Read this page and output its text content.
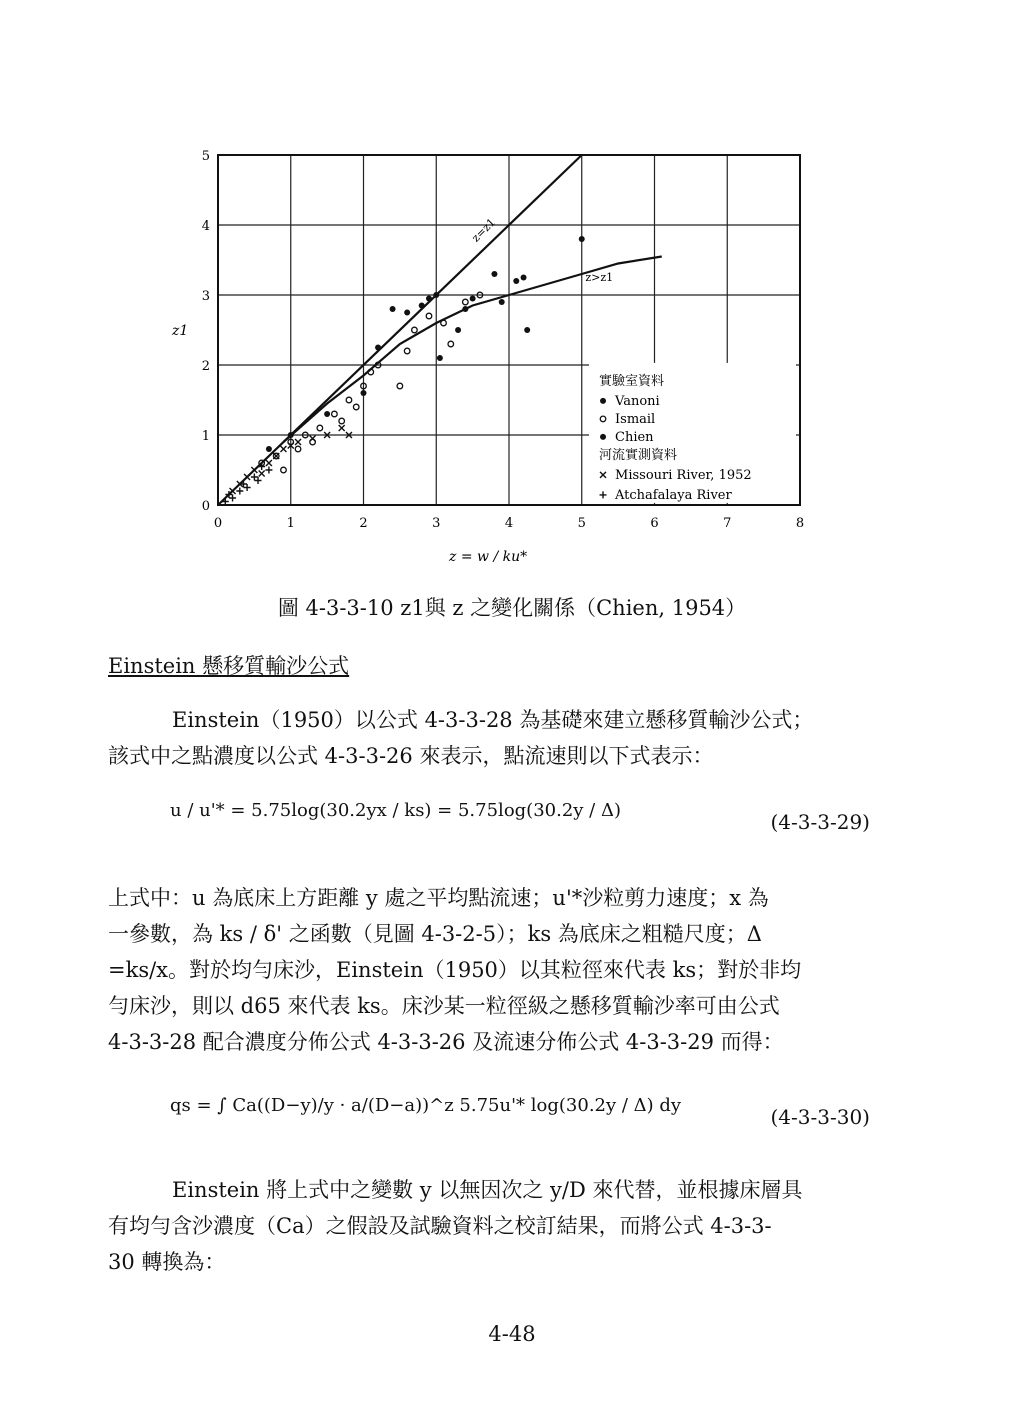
0	1	2	3	4	5	6	7	8
0
1
2
3
4
5
z = w / ku*
z1
z=z1
z>z1
實驗室資料
Vanoni
Ismail
Chien
河流實測資料
Missouri River, 1952
Atchafalaya River
圖 4-3-3-10 z1與 z 之變化關係（Chien, 1954）
Einstein 懸移質輸沙公式
Einstein（1950）以公式 4-3-3-28 為基礎來建立懸移質輸沙公式；
該式中之點濃度以公式 4-3-3-26 來表示，點流速則以下式表示：
u / u'* = 5.75log(30.2yx / ks) = 5.75log(30.2y / Δ)	(4-3-3-29)
上式中：u 為底床上方距離 y 處之平均點流速；u'*沙粒剪力速度；x 為
一參數，為 ks / δ' 之函數（見圖 4-3-2-5）；ks 為底床之粗糙尺度；Δ
=ks/x。對於均勻床沙，Einstein（1950）以其粒徑來代表 ks；對於非均
勻床沙，則以 d65 來代表 ks。床沙某一粒徑級之懸移質輸沙率可由公式
4-3-3-28 配合濃度分佈公式 4-3-3-26 及流速分佈公式 4-3-3-29 而得：
qs = ∫ Ca((D−y)/y · a/(D−a))^z 5.75u'* log(30.2y / Δ) dy	(4-3-3-30)
Einstein 將上式中之變數 y 以無因次之 y/D 來代替，並根據床層具
有均勻含沙濃度（Ca）之假設及試驗資料之校訂結果，而將公式 4-3-3-
30 轉換為：
4-48
